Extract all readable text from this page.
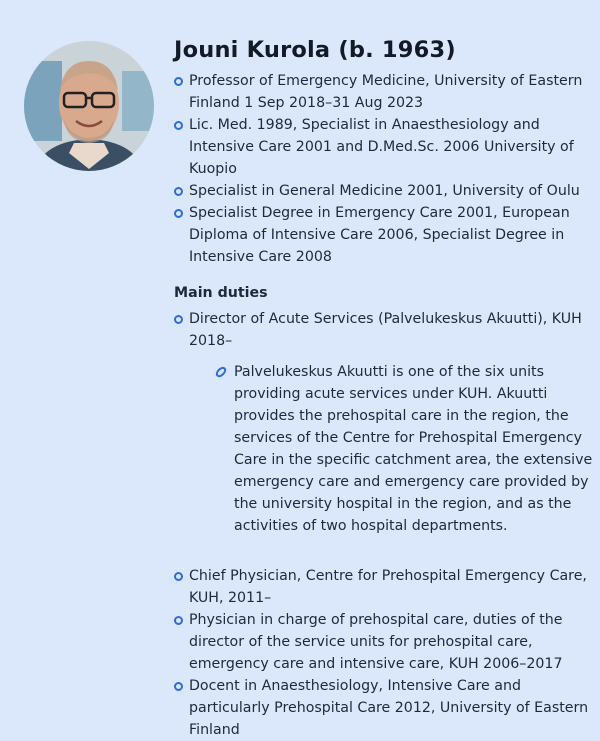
Jouni Kurola (b. 1963)
Professor of Emergency Medicine, University of Eastern Finland 1 Sep 2018–31 Aug 2023
Lic. Med. 1989, Specialist in Anaesthesiology and Intensive Care 2001 and D.Med.Sc. 2006 University of Kuopio
Specialist in General Medicine 2001, University of Oulu
Specialist Degree in Emergency Care 2001, European Diploma of Intensive Care 2006, Specialist Degree in Intensive Care 2008
Main duties
Director of Acute Services (Palvelukeskus Akuutti), KUH 2018–
Palvelukeskus Akuutti is one of the six units providing acute services under KUH. Akuutti provides the prehospital care in the region, the services of the Centre for Prehospital Emergency Care in the specific catchment area, the extensive emergency care and emergency care provided by the university hospital in the region, and as the activities of two hospital departments.
Chief Physician, Centre for Prehospital Emergency Care, KUH, 2011–
Physician in charge of prehospital care, duties of the director of the service units for prehospital care, emergency care and intensive care, KUH 2006–2017
Docent in Anaesthesiology, Intensive Care and particularly Prehospital Care 2012, University of Eastern Finland
